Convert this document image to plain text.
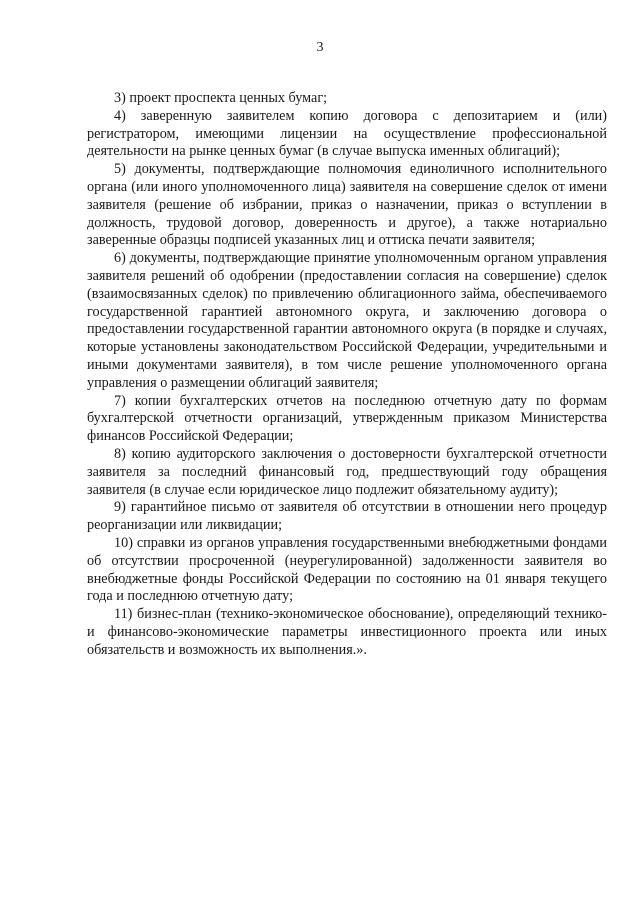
3

3) проект проспекта ценных бумаг;

4) заверенную заявителем копию договора с депозитарием и (или) регистратором, имеющими лицензии на осуществление профессиональной деятельности на рынке ценных бумаг (в случае выпуска именных облигаций);

5) документы, подтверждающие полномочия единоличного исполнительного органа (или иного уполномоченного лица) заявителя на совершение сделок от имени заявителя (решение об избрании, приказ о назначении, приказ о вступлении в должность, трудовой договор, доверенность и другое), а также нотариально заверенные образцы подписей указанных лиц и оттиска печати заявителя;

6) документы, подтверждающие принятие уполномоченным органом управления заявителя решений об одобрении (предоставлении согласия на совершение) сделок (взаимосвязанных сделок) по привлечению облигационного займа, обеспечиваемого государственной гарантией автономного округа, и заключению договора о предоставлении государственной гарантии автономного округа (в порядке и случаях, которые установлены законодательством Российской Федерации, учредительными и иными документами заявителя), в том числе решение уполномоченного органа управления о размещении облигаций заявителя;

7) копии бухгалтерских отчетов на последнюю отчетную дату по формам бухгалтерской отчетности организаций, утвержденным приказом Министерства финансов Российской Федерации;

8) копию аудиторского заключения о достоверности бухгалтерской отчетности заявителя за последний финансовый год, предшествующий году обращения заявителя (в случае если юридическое лицо подлежит обязательному аудиту);

9) гарантийное письмо от заявителя об отсутствии в отношении него процедур реорганизации или ликвидации;

10) справки из органов управления государственными внебюджетными фондами об отсутствии просроченной (неурегулированной) задолженности заявителя во внебюджетные фонды Российской Федерации по состоянию на 01 января текущего года и последнюю отчетную дату;

11) бизнес-план (технико-экономическое обоснование), определяющий технико- и финансово-экономические параметры инвестиционного проекта или иных обязательств и возможность их выполнения.».
